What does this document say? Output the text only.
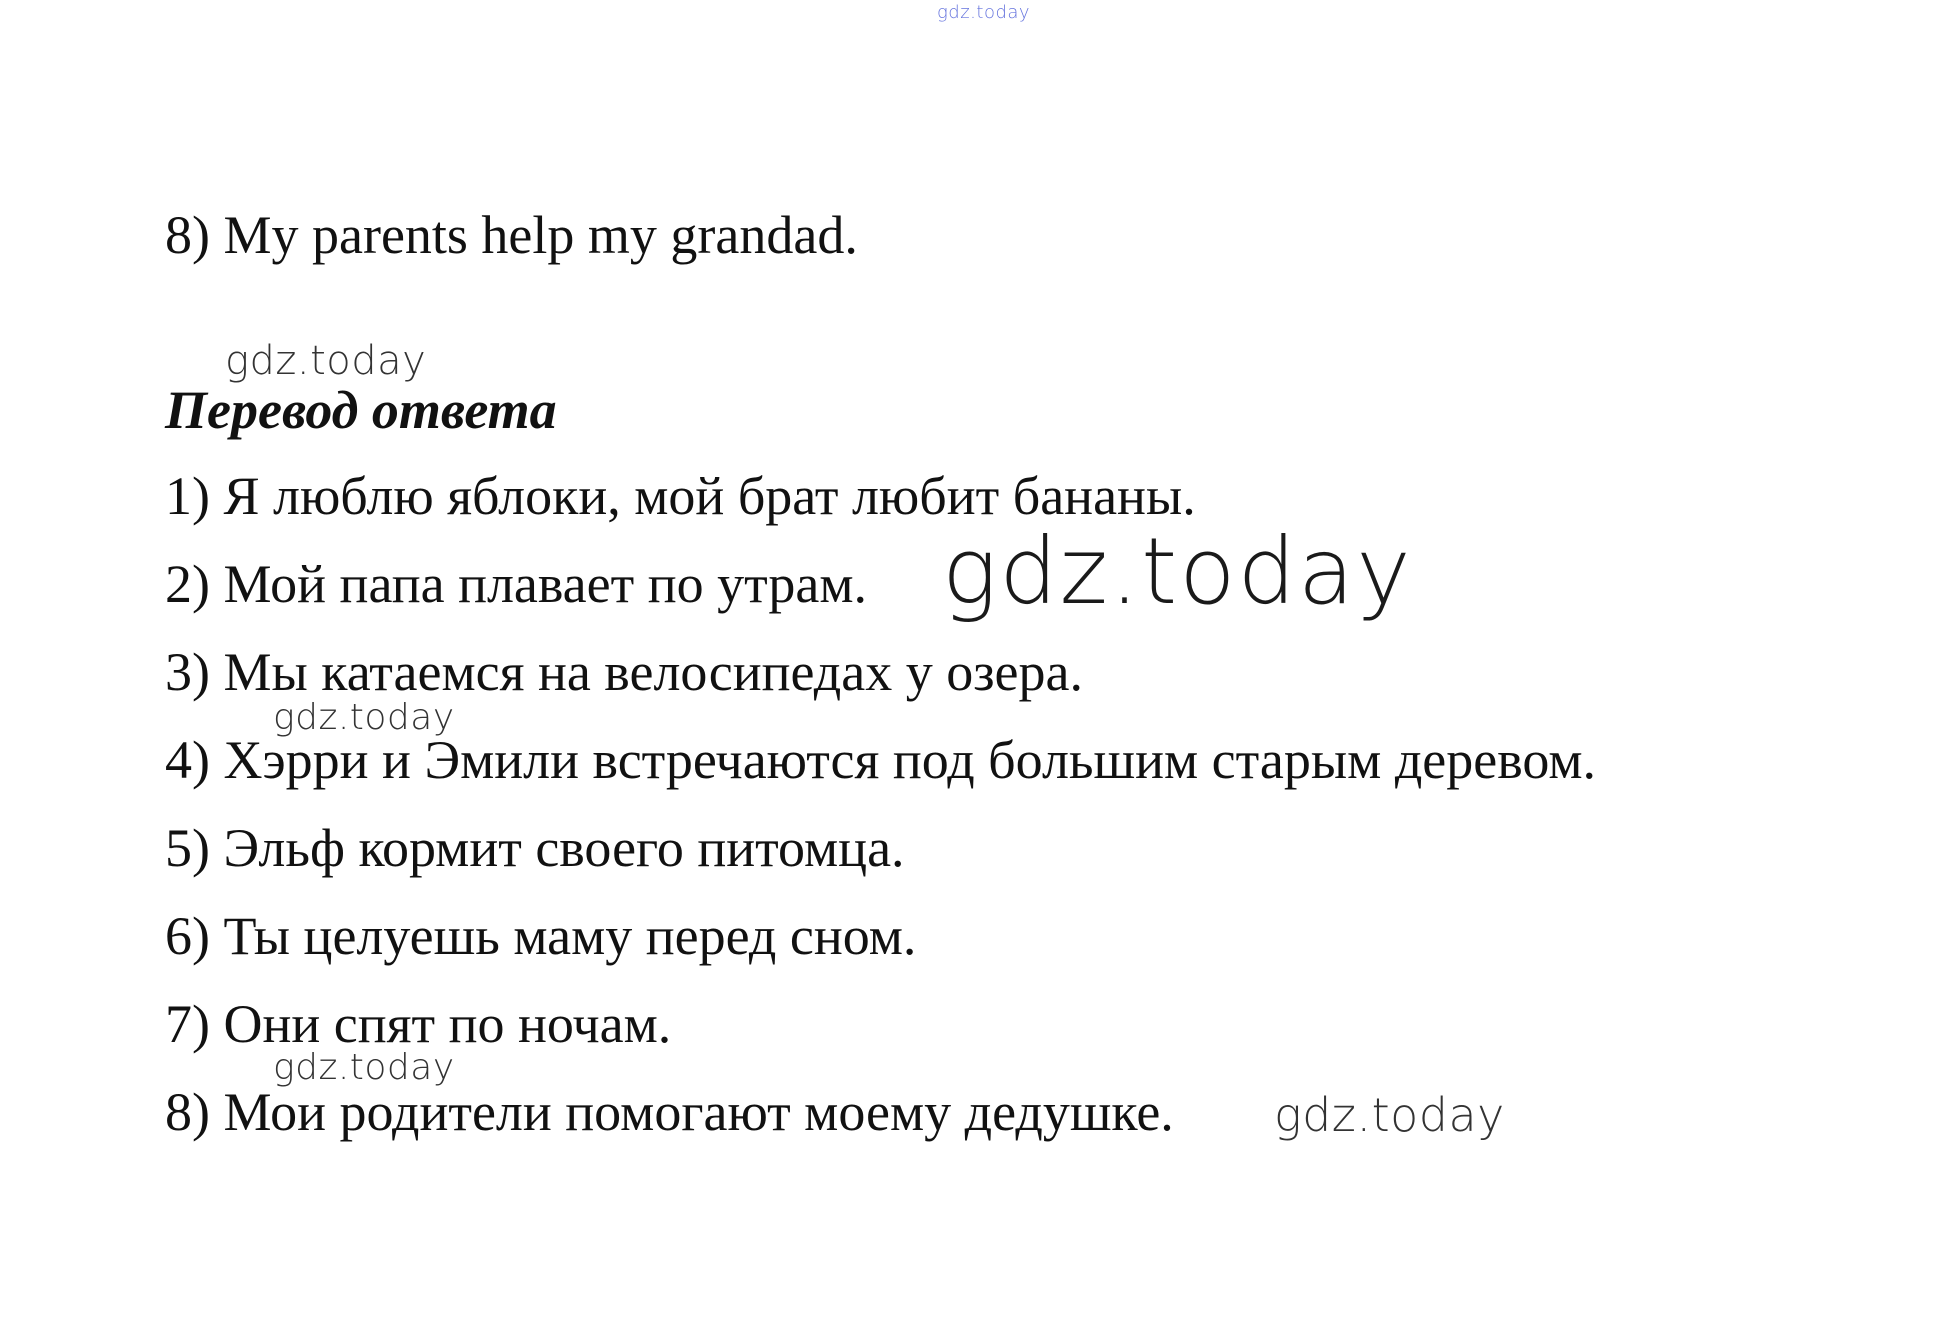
gdz.today
8) My parents help my grandad.
gdz.today
Перевод ответа
1) Я люблю яблоки, мой брат любит бананы.
2) Мой папа плавает по утрам. gdz.today
3) Мы катаемся на велосипедах у озера.
gdz.today
4) Хэрри и Эмили встречаются под большим старым деревом.
5) Эльф кормит своего питомца.
6) Ты целуешь маму перед сном.
7) Они спят по ночам.
gdz.today
8) Мои родители помогают моему дедушке. gdz.today
